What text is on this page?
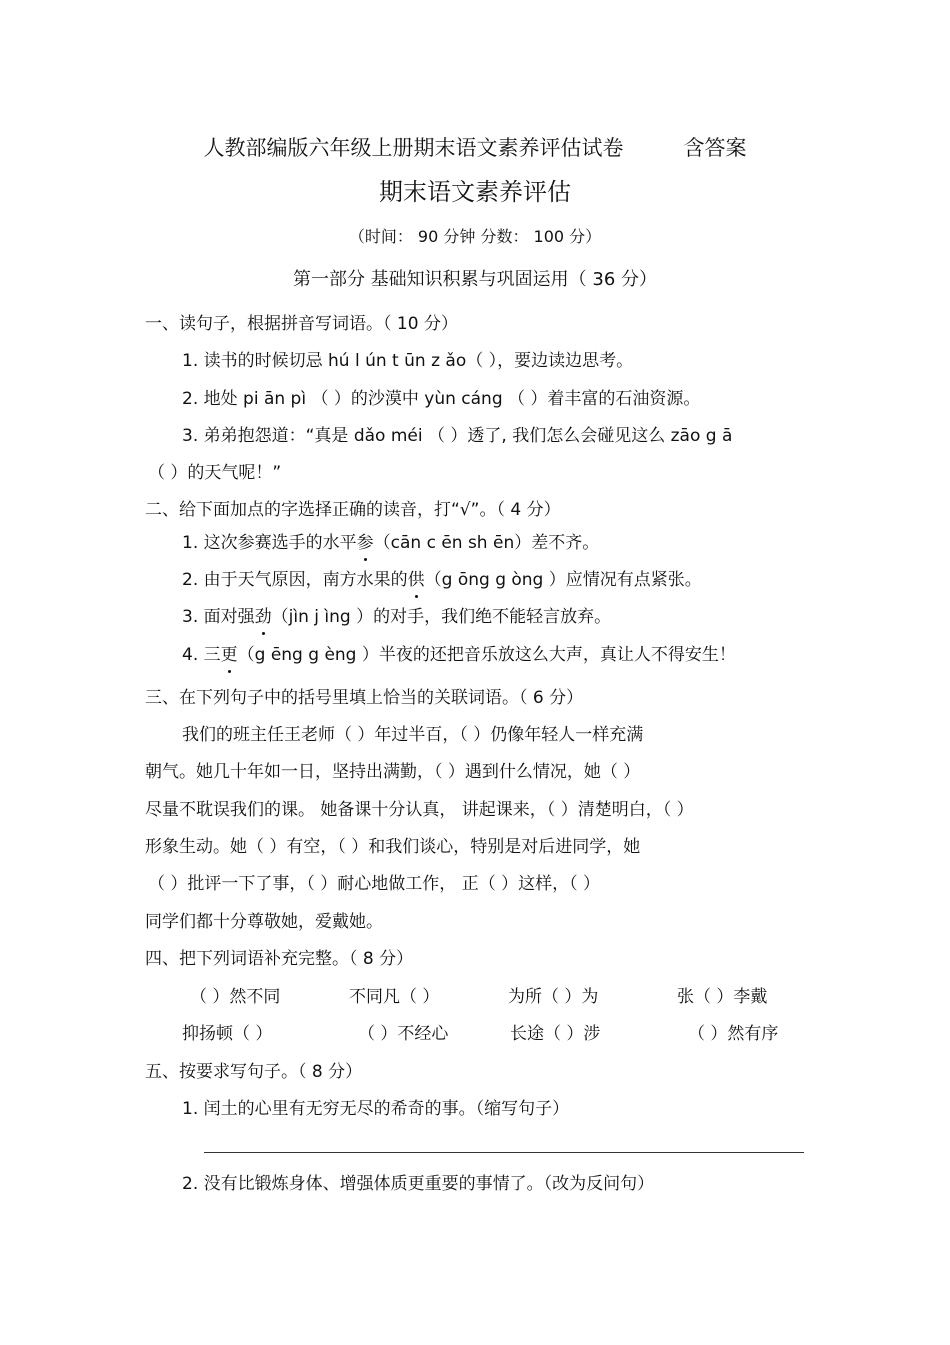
人教部编版六年级上册期末语文素养评估试卷	含答案
期末语文素养评估
（时间： 90 分钟 分数： 100 分）
第一部分 基础知识积累与巩固运用（ 36 分）
一、读句子，根据拼音写词语。（ 10 分）
1. 读书的时候切忌 hú l ún t ūn z ǎo（ ），要边读边思考。
2. 地处 pi ān pì （ ）的沙漠中 yùn cáng （ ）着丰富的石油资源。
3. 弟弟抱怨道：“真是 dǎo méi （ ）透了, 我们怎么会碰见这么 zāo g ā
（ ）的天气呢！”
二、给下面加点的字选择正确的读音，打“√”。（ 4 分）
1. 这次参赛选手的水平参（cān c ēn sh ēn）差不齐。
2. 由于天气原因，南方水果的供（g ōng g òng ）应情况有点紧张。
3. 面对强劲（jìn j ìng ）的对手，我们绝不能轻言放弃。
4. 三更（g ēng g èng ）半夜的还把音乐放这么大声，真让人不得安生！
三、在下列句子中的括号里填上恰当的关联词语。（ 6 分）
我们的班主任王老师（ ）年过半百，（ ）仍像年轻人一样充满
朝气。她几十年如一日，坚持出满勤，（ ）遇到什么情况，她（ ）
尽量不耽误我们的课。 她备课十分认真， 讲起课来，（ ）清楚明白，（ ）
形象生动。她（ ）有空，（ ）和我们谈心，特别是对后进同学，她
（ ）批评一下了事，（ ）耐心地做工作， 正（ ）这样，（ ）
同学们都十分尊敬她，爱戴她。
四、把下列词语补充完整。（ 8 分）
（ ）然不同	不同凡（ ）	为所（ ）为	张（ ）李戴
抑扬顿（ ）	（ ）不经心	长途（ ）涉	（ ）然有序
五、按要求写句子。（ 8 分）
1. 闰土的心里有无穷无尽的希奇的事。（缩写句子）
2. 没有比锻炼身体、增强体质更重要的事情了。（改为反问句）
